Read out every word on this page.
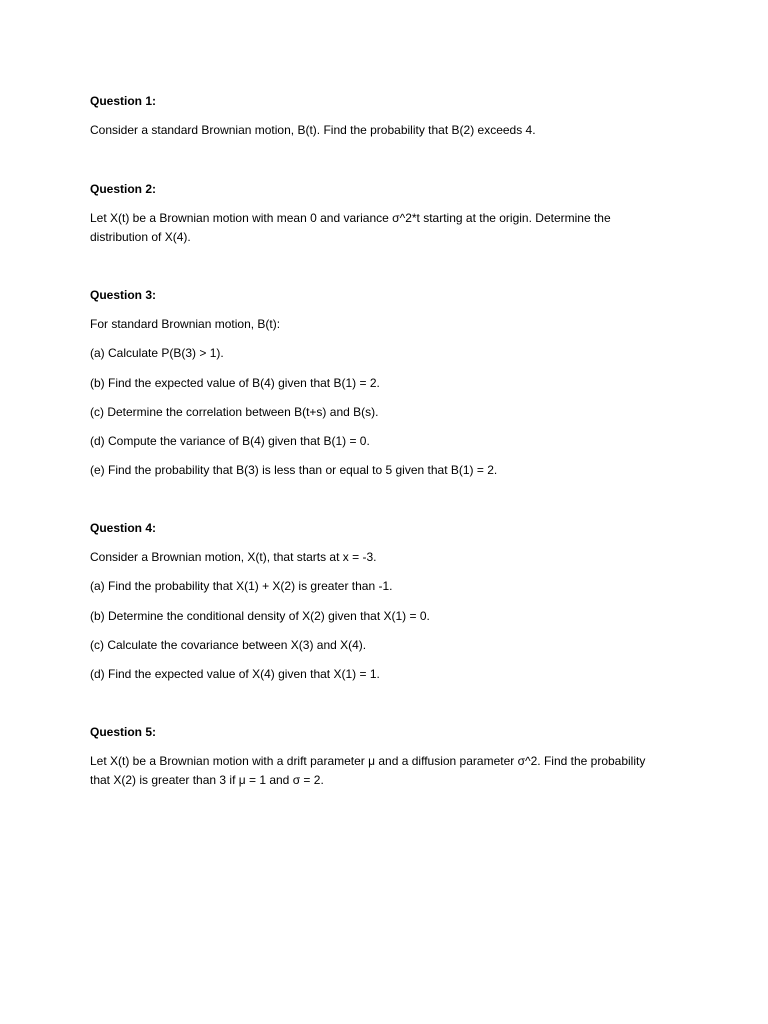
Question 1:

Consider a standard Brownian motion, B(t). Find the probability that B(2) exceeds 4.

Question 2:

Let X(t) be a Brownian motion with mean 0 and variance σ^2*t starting at the origin. Determine the distribution of X(4).

Question 3:

For standard Brownian motion, B(t):

(a) Calculate P(B(3) > 1).

(b) Find the expected value of B(4) given that B(1) = 2.

(c) Determine the correlation between B(t+s) and B(s).

(d) Compute the variance of B(4) given that B(1) = 0.

(e) Find the probability that B(3) is less than or equal to 5 given that B(1) = 2.

Question 4:

Consider a Brownian motion, X(t), that starts at x = -3.

(a) Find the probability that X(1) + X(2) is greater than -1.

(b) Determine the conditional density of X(2) given that X(1) = 0.

(c) Calculate the covariance between X(3) and X(4).

(d) Find the expected value of X(4) given that X(1) = 1.

Question 5:

Let X(t) be a Brownian motion with a drift parameter μ and a diffusion parameter σ^2. Find the probability that X(2) is greater than 3 if μ = 1 and σ = 2.
